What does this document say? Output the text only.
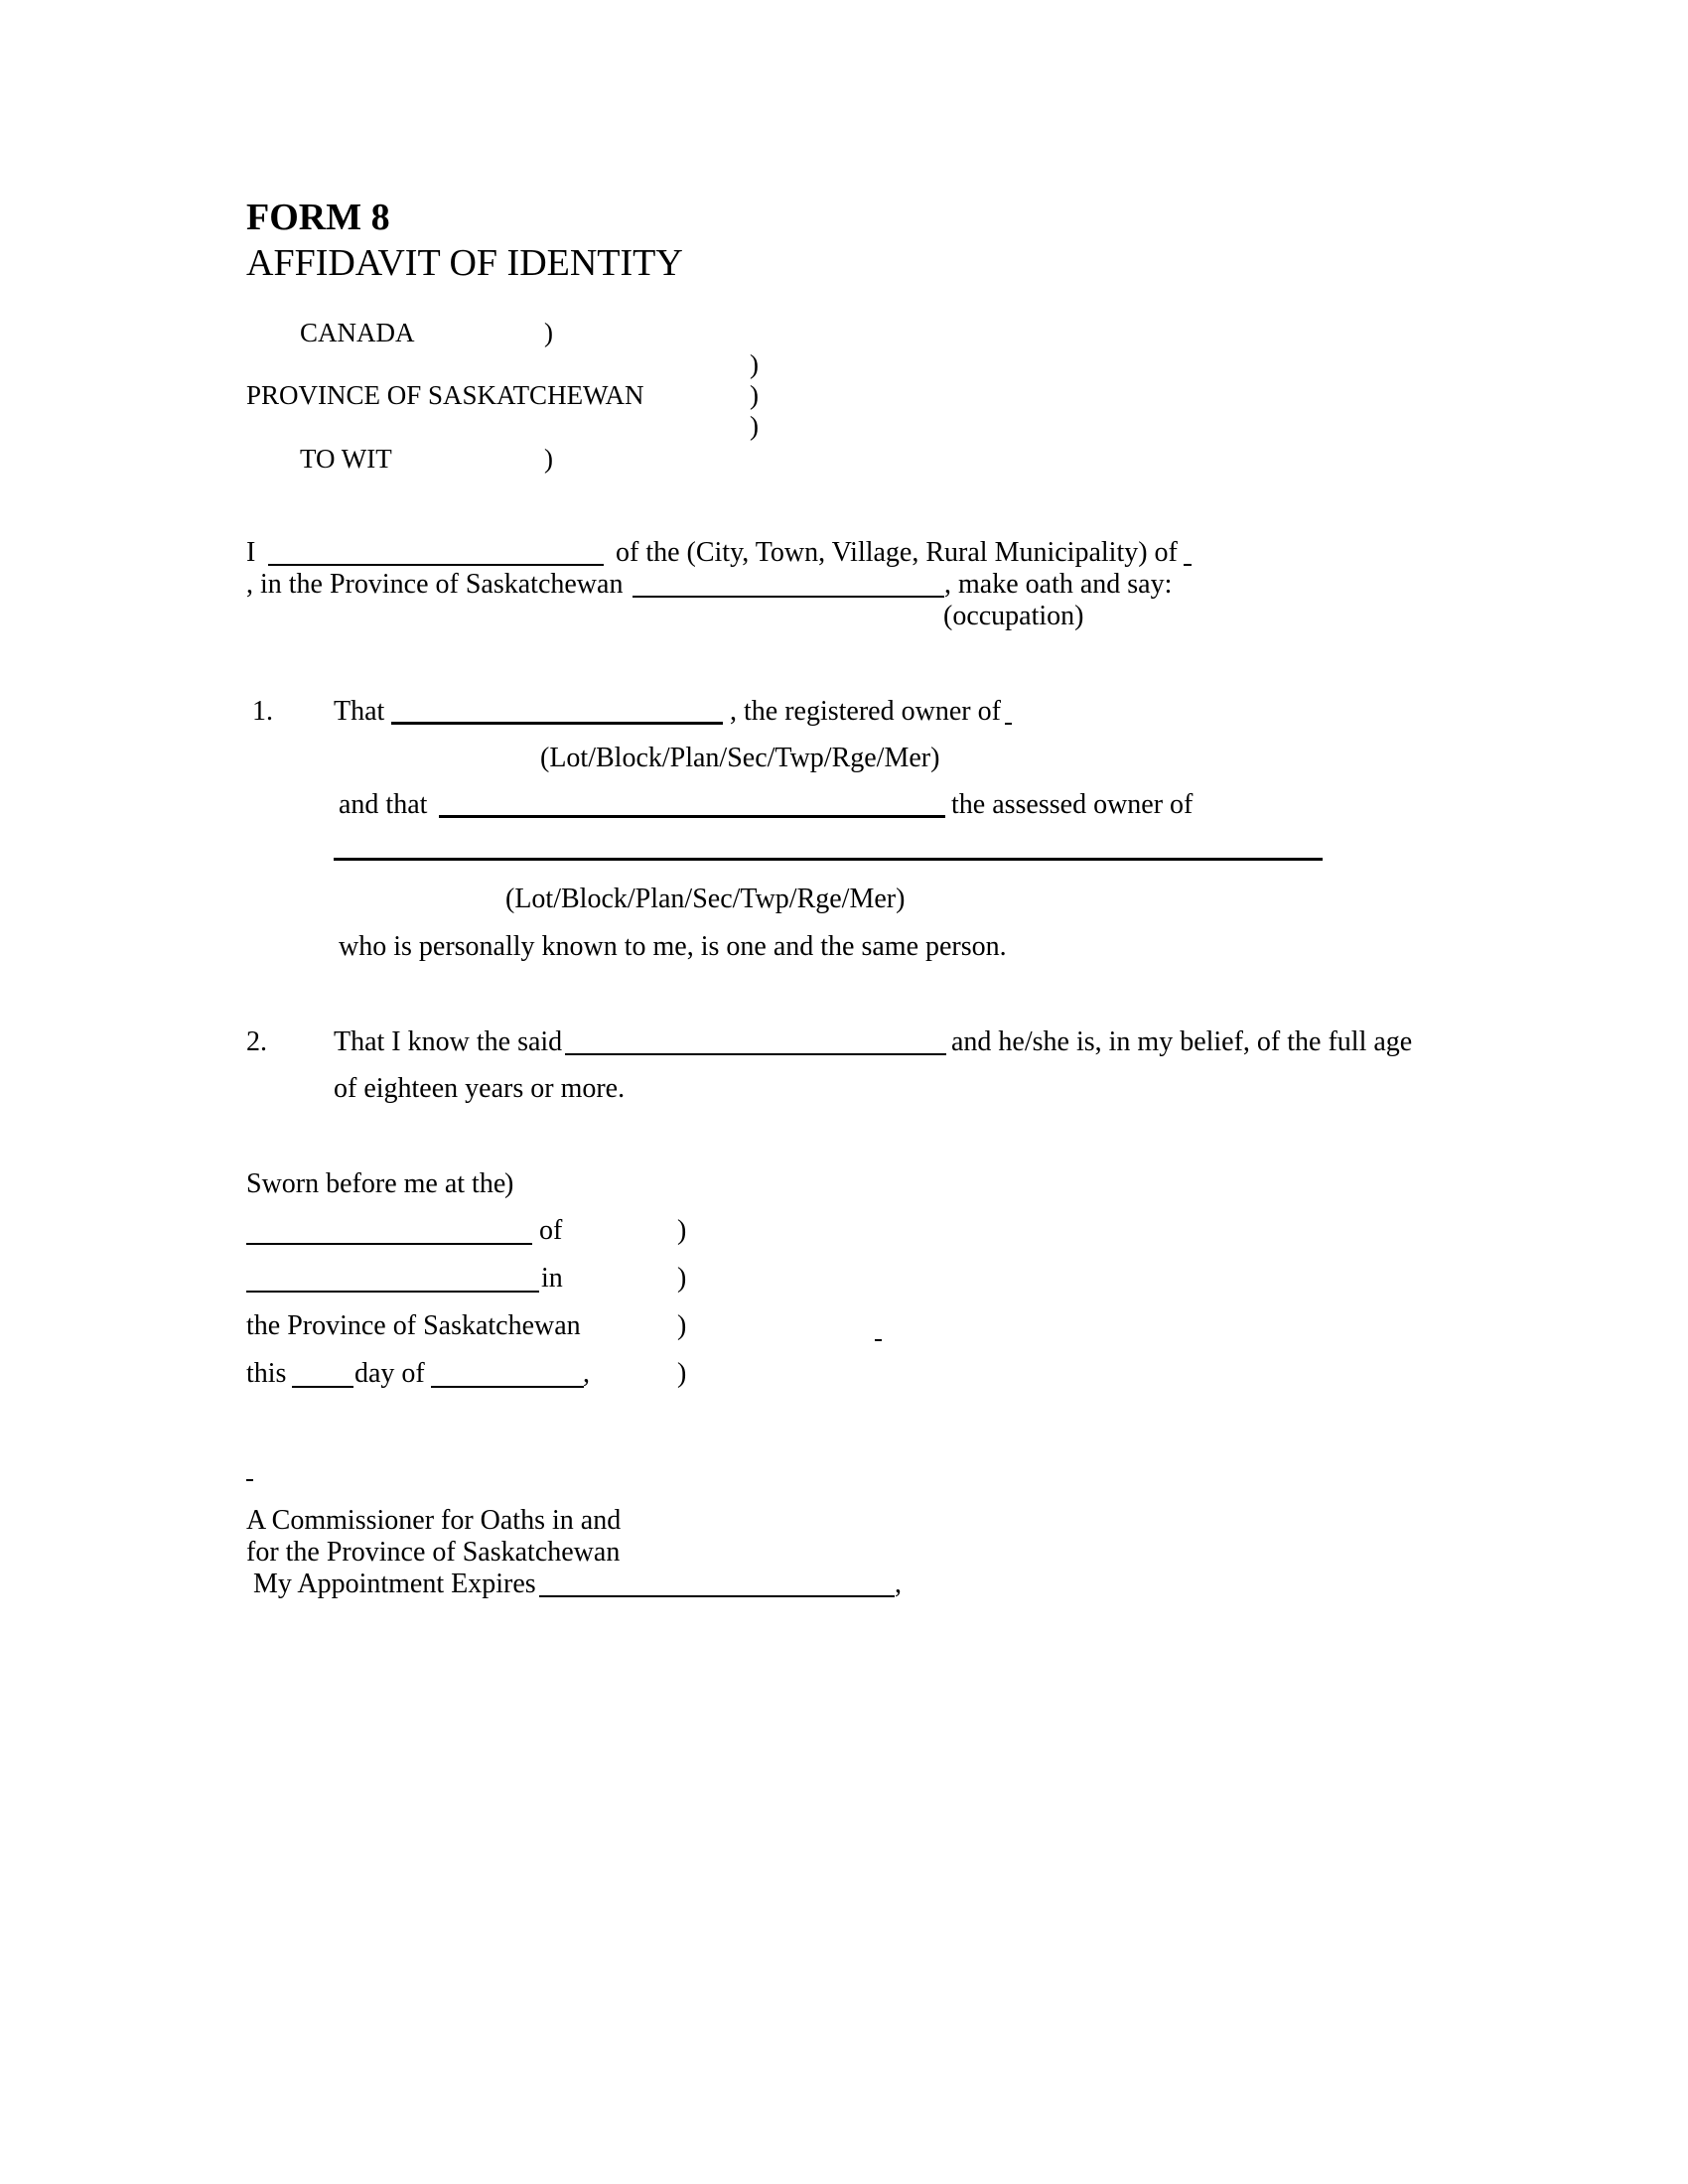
FORM 8
AFFIDAVIT OF IDENTITY
CANADA	)
)
PROVINCE OF SASKATCHEWAN	)
)
TO WIT	)
I	of the (City, Town, Village, Rural Municipality) of
, in the Province of Saskatchewan	, make oath and say:
(occupation)
1. That	, the registered owner of
(Lot/Block/Plan/Sec/Twp/Rge/Mer)
and that	the assessed owner of
(Lot/Block/Plan/Sec/Twp/Rge/Mer)
who is personally known to me, is one and the same person.
2. That I know the said	and he/she is, in my belief, of the full age
of eighteen years or more.
Sworn before me at the
)
of	)
in	)
the Province of Saskatchewan	)
this day of	,	)
A Commissioner for Oaths in and
for the Province of Saskatchewan
My Appointment Expires	,
